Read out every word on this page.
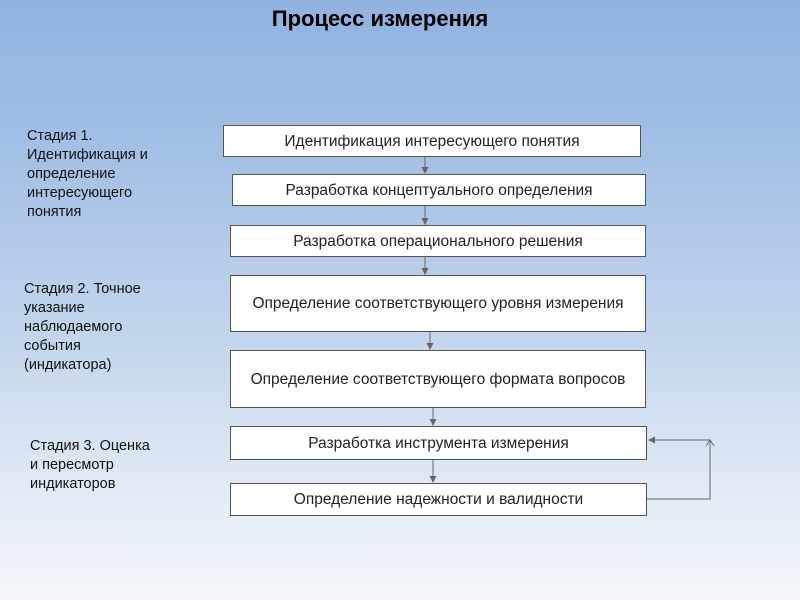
Процесс измерения
Стадия 1.
Идентификация и
определение
интересующего
понятия
Стадия 2. Точное
указание
наблюдаемого
события
(индикатора)
Стадия 3. Оценка
и пересмотр
индикаторов
Идентификация интересующего понятия
Разработка концептуального определения
Разработка операционального решения
Определение соответствующего уровня измерения
Определение соответствующего формата вопросов
Разработка инструмента измерения
Определение надежности и валидности
